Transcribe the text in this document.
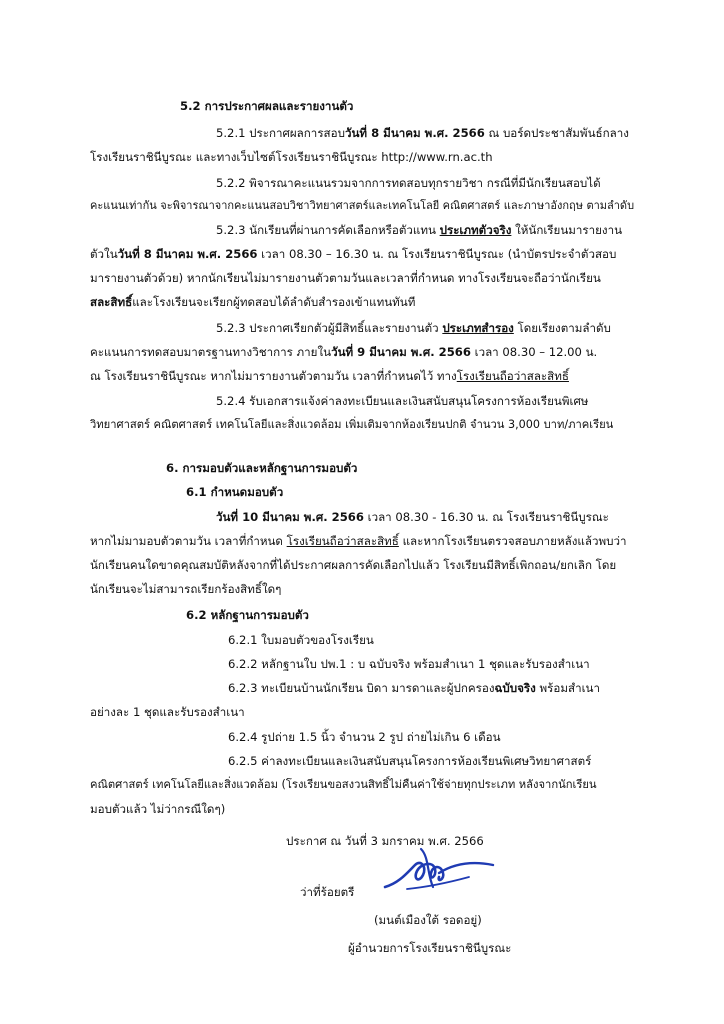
5.2 การประกาศผลและรายงานตัว
5.2.1 ประกาศผลการสอบวันที่ 8 มีนาคม พ.ศ. 2566 ณ บอร์ดประชาสัมพันธ์กลาง
โรงเรียนราชินีบูรณะ และทางเว็บไซต์โรงเรียนราชินีบูรณะ http://www.rn.ac.th
5.2.2 พิจารณาคะแนนรวมจากการทดสอบทุกรายวิชา กรณีที่มีนักเรียนสอบได้
คะแนนเท่ากัน จะพิจารณาจากคะแนนสอบวิชาวิทยาศาสตร์และเทคโนโลยี คณิตศาสตร์ และภาษาอังกฤษ ตามลำดับ
5.2.3 นักเรียนที่ผ่านการคัดเลือกหรือตัวแทน ประเภทตัวจริง ให้นักเรียนมารายงาน
ตัวในวันที่ 8 มีนาคม พ.ศ. 2566 เวลา 08.30 – 16.30 น. ณ โรงเรียนราชินีบูรณะ (นำบัตรประจำตัวสอบ
มารายงานตัวด้วย) หากนักเรียนไม่มารายงานตัวตามวันและเวลาที่กำหนด ทางโรงเรียนจะถือว่านักเรียน
สละสิทธิ์และโรงเรียนจะเรียกผู้ทดสอบได้ลำดับสำรองเข้าแทนทันที
5.2.3 ประกาศเรียกตัวผู้มีสิทธิ์และรายงานตัว ประเภทสำรอง โดยเรียงตามลำดับ
คะแนนการทดสอบมาตรฐานทางวิชาการ ภายในวันที่ 9 มีนาคม พ.ศ. 2566 เวลา 08.30 – 12.00 น.
ณ โรงเรียนราชินีบูรณะ หากไม่มารายงานตัวตามวัน เวลาที่กำหนดไว้ ทางโรงเรียนถือว่าสละสิทธิ์
5.2.4 รับเอกสารแจ้งค่าลงทะเบียนและเงินสนับสนุนโครงการห้องเรียนพิเศษ
วิทยาศาสตร์ คณิตศาสตร์ เทคโนโลยีและสิ่งแวดล้อม เพิ่มเติมจากห้องเรียนปกติ จำนวน 3,000 บาท/ภาคเรียน
6. การมอบตัวและหลักฐานการมอบตัว
6.1 กำหนดมอบตัว
วันที่ 10 มีนาคม พ.ศ. 2566 เวลา 08.30 - 16.30 น. ณ โรงเรียนราชินีบูรณะ
หากไม่มามอบตัวตามวัน เวลาที่กำหนด โรงเรียนถือว่าสละสิทธิ์ และหากโรงเรียนตรวจสอบภายหลังแล้วพบว่า
นักเรียนคนใดขาดคุณสมบัติหลังจากที่ได้ประกาศผลการคัดเลือกไปแล้ว โรงเรียนมีสิทธิ์เพิกถอน/ยกเลิก โดย
นักเรียนจะไม่สามารถเรียกร้องสิทธิ์ใดๆ
6.2 หลักฐานการมอบตัว
6.2.1 ใบมอบตัวของโรงเรียน
6.2.2 หลักฐานใบ ปพ.1 : บ ฉบับจริง พร้อมสำเนา 1 ชุดและรับรองสำเนา
6.2.3 ทะเบียนบ้านนักเรียน บิดา มารดาและผู้ปกครองฉบับจริง พร้อมสำเนา
อย่างละ 1 ชุดและรับรองสำเนา
6.2.4 รูปถ่าย 1.5 นิ้ว จำนวน 2 รูป ถ่ายไม่เกิน 6 เดือน
6.2.5 ค่าลงทะเบียนและเงินสนับสนุนโครงการห้องเรียนพิเศษวิทยาศาสตร์
คณิตศาสตร์ เทคโนโลยีและสิ่งแวดล้อม (โรงเรียนขอสงวนสิทธิ์ไม่คืนค่าใช้จ่ายทุกประเภท หลังจากนักเรียน
มอบตัวแล้ว ไม่ว่ากรณีใดๆ)
ประกาศ ณ วันที่ 3 มกราคม พ.ศ. 2566
ว่าที่ร้อยตรี
(มนต์เมืองใต้ รอดอยู่)
ผู้อำนวยการโรงเรียนราชินีบูรณะ
